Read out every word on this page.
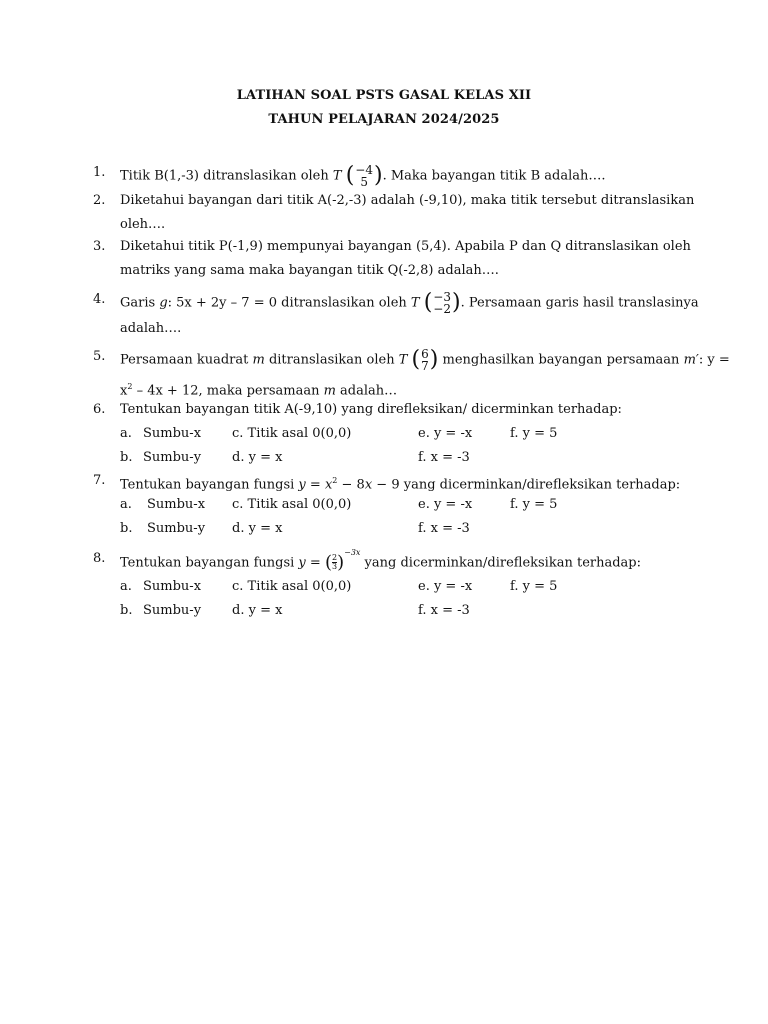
LATIHAN SOAL PSTS GASAL KELAS XII
TAHUN PELAJARAN 2024/2025
1. Titik B(1,-3) ditranslasikan oleh T ( −4
5 ). Maka bayangan titik B adalah….
2. Diketahui bayangan dari titik A(-2,-3) adalah (-9,10), maka titik tersebut ditranslasikan
oleh….
3. Diketahui titik P(-1,9) mempunyai bayangan (5,4). Apabila P dan Q ditranslasikan oleh
matriks yang sama maka bayangan titik Q(-2,8) adalah….
4. Garis g: 5x + 2y – 7 = 0 ditranslasikan oleh T ( −3
−2 ). Persamaan garis hasil translasinya
adalah….
5. Persamaan kuadrat m ditranslasikan oleh T ( 6
7 ) menghasilkan bayangan persamaan m′: y =
$x^2 - 4x + 12$, maka persamaan m adalah…
6. Tentukan bayangan titik A(-9,10) yang direfleksikan/ dicerminkan terhadap:
a. Sumbu-x c. Titik asal 0(0,0)	e. y = -x	f. y = 5
b. Sumbu-y d. y = x	f. x = -3
7. Tentukan bayangan fungsi $y = x^2 - 8x - 9$ yang dicerminkan/direfleksikan terhadap:
a. Sumbu-x c. Titik asal 0(0,0)	e. y = -x	f. y = 5
b. Sumbu-y d. y = x	f. x = -3
8. Tentukan bayangan fungsi y = ( $\frac{2}{3} )^{-3x}$ yang dicerminkan/direfleksikan terhadap:
a. Sumbu-x c. Titik asal 0(0,0)	e. y = -x	f. y = 5
b. Sumbu-y d. y = x	f. x = -3
